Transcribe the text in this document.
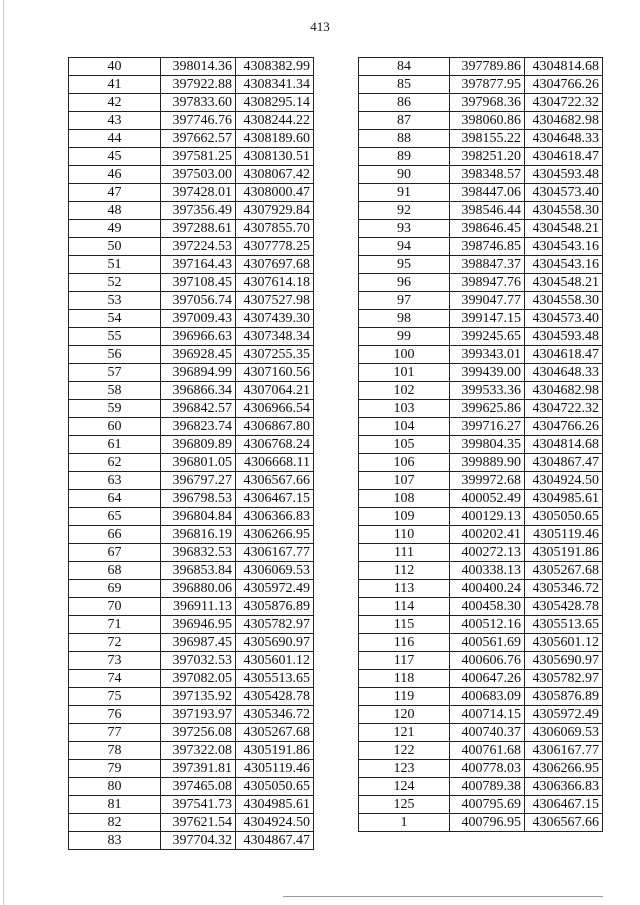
413
40	398014.36	4308382.99
41	397922.88	4308341.34
42	397833.60	4308295.14
43	397746.76	4308244.22
44	397662.57	4308189.60
45	397581.25	4308130.51
46	397503.00	4308067.42
47	397428.01	4308000.47
48	397356.49	4307929.84
49	397288.61	4307855.70
50	397224.53	4307778.25
51	397164.43	4307697.68
52	397108.45	4307614.18
53	397056.74	4307527.98
54	397009.43	4307439.30
55	396966.63	4307348.34
56	396928.45	4307255.35
57	396894.99	4307160.56
58	396866.34	4307064.21
59	396842.57	4306966.54
60	396823.74	4306867.80
61	396809.89	4306768.24
62	396801.05	4306668.11
63	396797.27	4306567.66
64	396798.53	4306467.15
65	396804.84	4306366.83
66	396816.19	4306266.95
67	396832.53	4306167.77
68	396853.84	4306069.53
69	396880.06	4305972.49
70	396911.13	4305876.89
71	396946.95	4305782.97
72	396987.45	4305690.97
73	397032.53	4305601.12
74	397082.05	4305513.65
75	397135.92	4305428.78
76	397193.97	4305346.72
77	397256.08	4305267.68
78	397322.08	4305191.86
79	397391.81	4305119.46
80	397465.08	4305050.65
81	397541.73	4304985.61
82	397621.54	4304924.50
83	397704.32	4304867.47
84	397789.86	4304814.68
85	397877.95	4304766.26
86	397968.36	4304722.32
87	398060.86	4304682.98
88	398155.22	4304648.33
89	398251.20	4304618.47
90	398348.57	4304593.48
91	398447.06	4304573.40
92	398546.44	4304558.30
93	398646.45	4304548.21
94	398746.85	4304543.16
95	398847.37	4304543.16
96	398947.76	4304548.21
97	399047.77	4304558.30
98	399147.15	4304573.40
99	399245.65	4304593.48
100	399343.01	4304618.47
101	399439.00	4304648.33
102	399533.36	4304682.98
103	399625.86	4304722.32
104	399716.27	4304766.26
105	399804.35	4304814.68
106	399889.90	4304867.47
107	399972.68	4304924.50
108	400052.49	4304985.61
109	400129.13	4305050.65
110	400202.41	4305119.46
111	400272.13	4305191.86
112	400338.13	4305267.68
113	400400.24	4305346.72
114	400458.30	4305428.78
115	400512.16	4305513.65
116	400561.69	4305601.12
117	400606.76	4305690.97
118	400647.26	4305782.97
119	400683.09	4305876.89
120	400714.15	4305972.49
121	400740.37	4306069.53
122	400761.68	4306167.77
123	400778.03	4306266.95
124	400789.38	4306366.83
125	400795.69	4306467.15
1	400796.95	4306567.66
